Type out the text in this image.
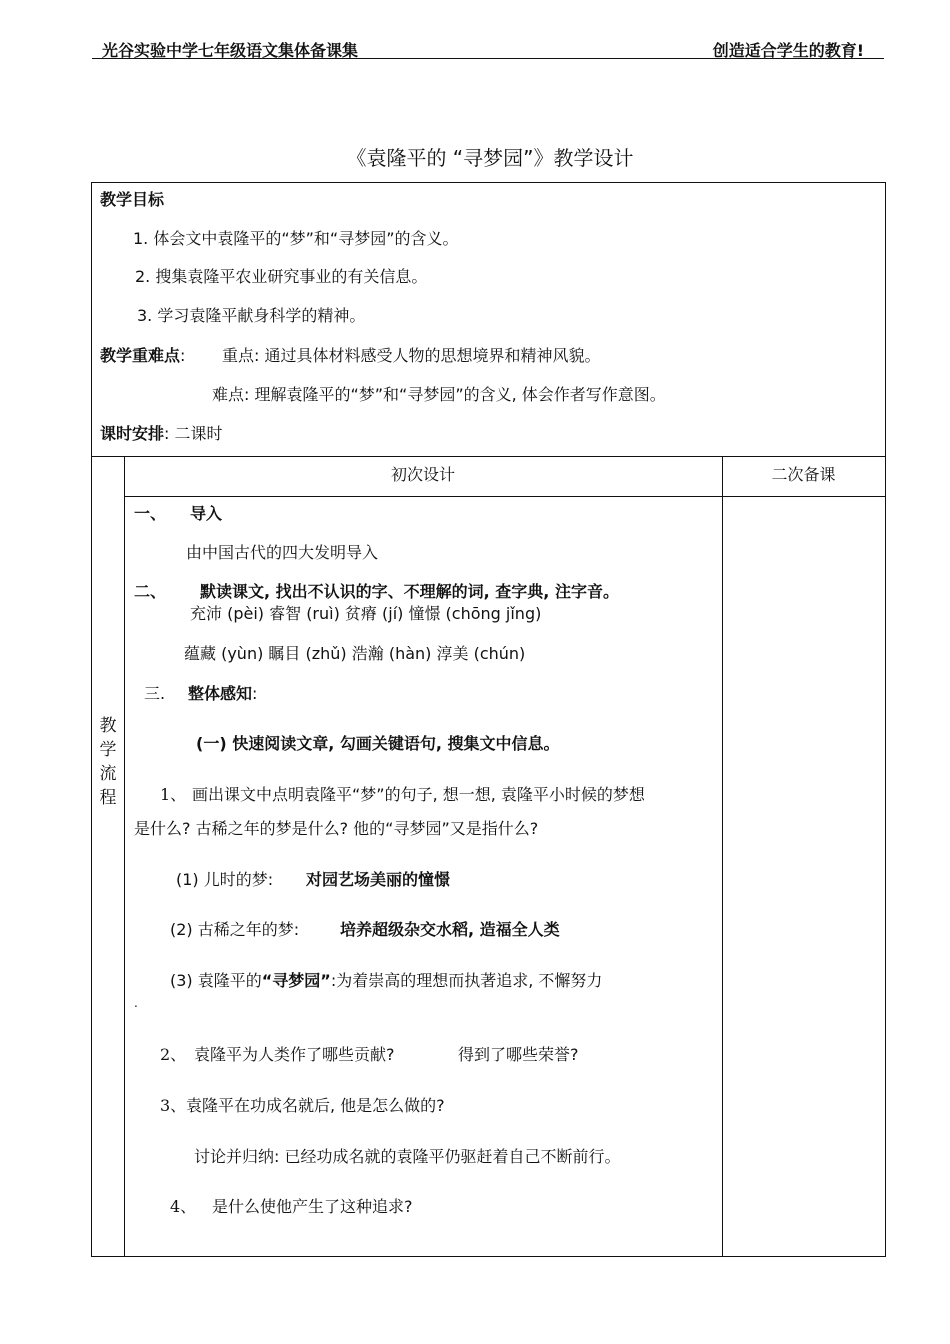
光谷实验中学七年级语文集体备课集	创造适合学生的教育!
《袁隆平的 “寻梦园”》教学设计
教学目标
1. 体会文中袁隆平的“梦”和“寻梦园”的含义。
2. 搜集袁隆平农业研究事业的有关信息。
3. 学习袁隆平献身科学的精神。
教学重难点: 重点: 通过具体材料感受人物的思想境界和精神风貌。
难点: 理解袁隆平的“梦”和“寻梦园”的含义, 体会作者写作意图。
课时安排: 二课时
初次设计	二次备课
教学流程
一、 导入
由中国古代的四大发明导入
二、 默读课文, 找出不认识的字、不理解的词, 查字典, 注字音。
充沛 (pèi) 睿智 (ruì) 贫瘠 (jí) 憧憬 (chōng jǐng)
蕴藏 (yùn) 瞩目 (zhǔ) 浩瀚 (hàn) 淳美 (chún)
三. 整体感知:
(一) 快速阅读文章, 勾画关键语句, 搜集文中信息。
1、 画出课文中点明袁隆平“梦”的句子, 想一想, 袁隆平小时候的梦想
是什么? 古稀之年的梦是什么? 他的“寻梦园”又是指什么?
(1) 儿时的梦: 对园艺场美丽的憧憬
(2) 古稀之年的梦:	培养超级杂交水稻, 造福全人类
(3) 袁隆平的“寻梦园”:为着崇高的理想而执著追求, 不懈努力
.
2、 袁隆平为人类作了哪些贡献?	得到了哪些荣誉?
3、 袁隆平在功成名就后, 他是怎么做的?
讨论并归纳: 已经功成名就的袁隆平仍驱赶着自己不断前行。
4、 是什么使他产生了这种追求?
